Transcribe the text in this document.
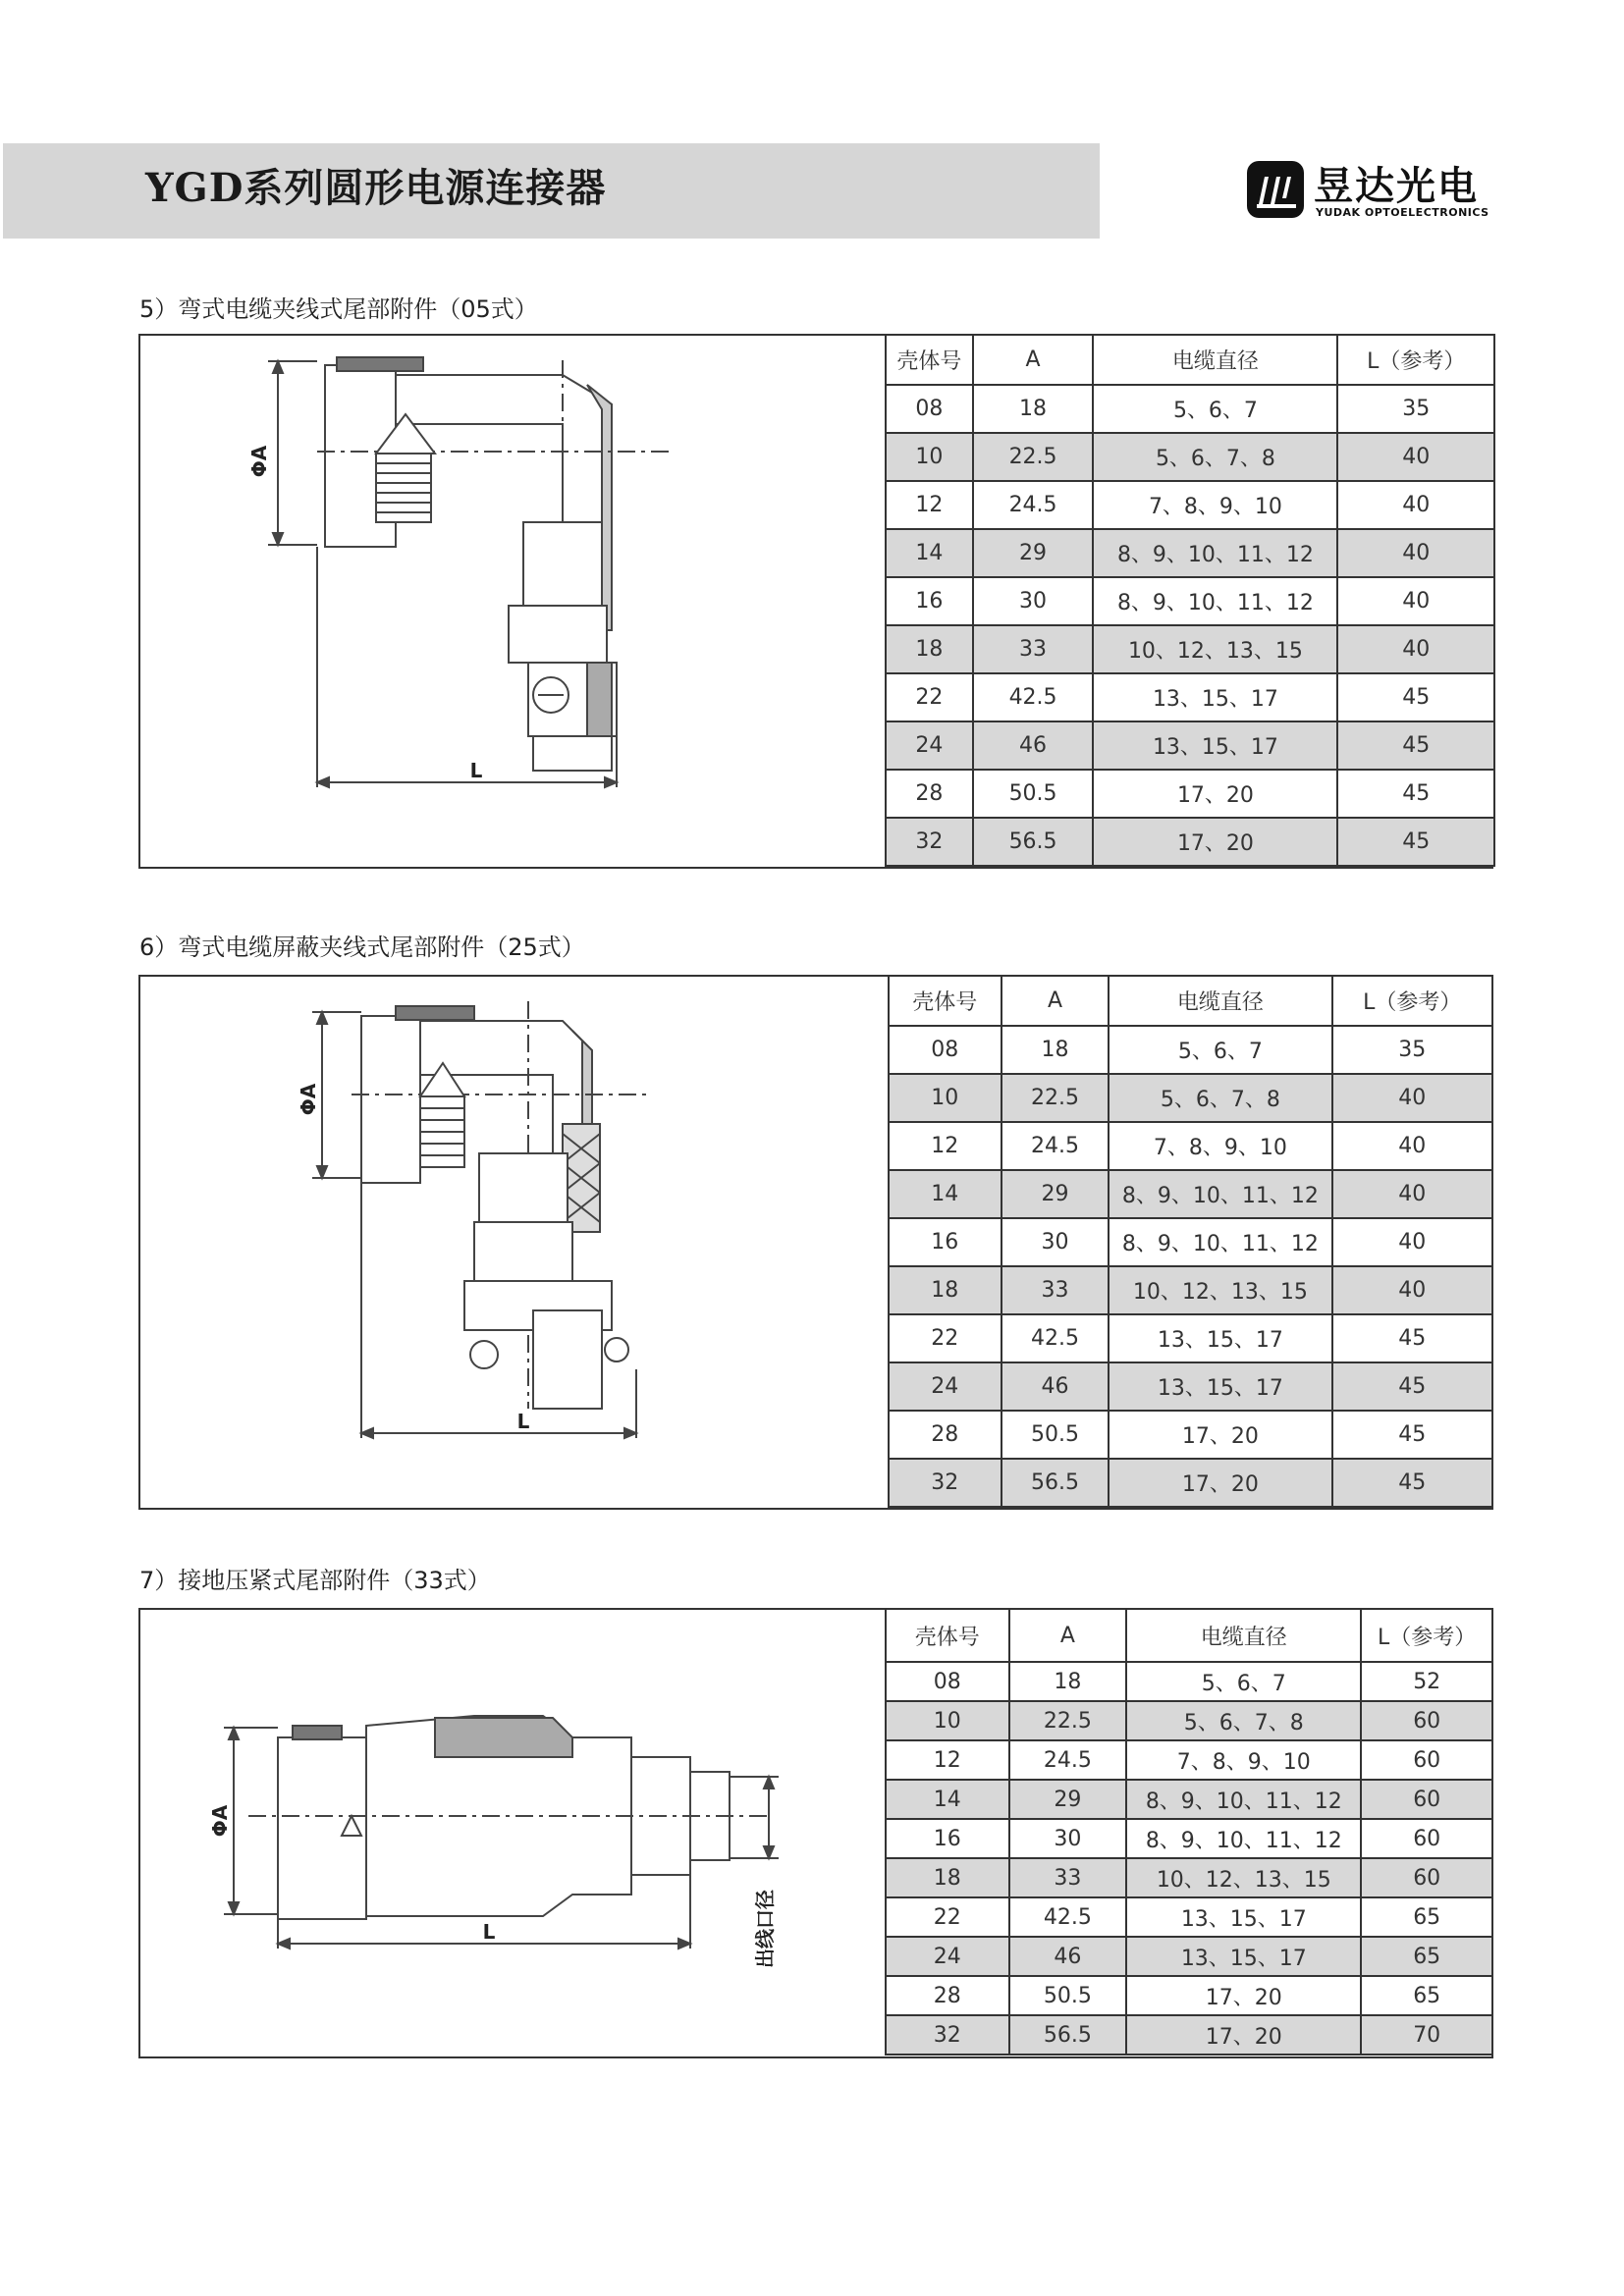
YGD系列圆形电源连接器	昱达光电
YUDAK OPTOELECTRONICS
5）弯式电缆夹线式尾部附件（05式）
ΦA
L
壳体号	A	电缆直径	L（参考）
08	18	5、6、7	35
10	22.5	5、6、7、8	40
12	24.5	7、8、9、10	40
14	29	8、9、10、11、12	40
16	30	8、9、10、11、12	40
18	33	10、12、13、15	40
22	42.5	13、15、17	45
24	46	13、15、17	45
28	50.5	17、20	45
32	56.5	17、20	45
6）弯式电缆屏蔽夹线式尾部附件（25式）
ΦA
L
壳体号	A	电缆直径	L（参考）
08	18	5、6、7	35
10	22.5	5、6、7、8	40
12	24.5	7、8、9、10	40
14	29	8、9、10、11、12	40
16	30	8、9、10、11、12	40
18	33	10、12、13、15	40
22	42.5	13、15、17	45
24	46	13、15、17	45
28	50.5	17、20	45
32	56.5	17、20	45
7）接地压紧式尾部附件（33式）
ΦA
L	出线口径
壳体号	A	电缆直径	L（参考）
08	18	5、6、7	52
10	22.5	5、6、7、8	60
12	24.5	7、8、9、10	60
14	29	8、9、10、11、12	60
16	30	8、9、10、11、12	60
18	33	10、12、13、15	60
22	42.5	13、15、17	65
24	46	13、15、17	65
28	50.5	17、20	65
32	56.5	17、20	70
